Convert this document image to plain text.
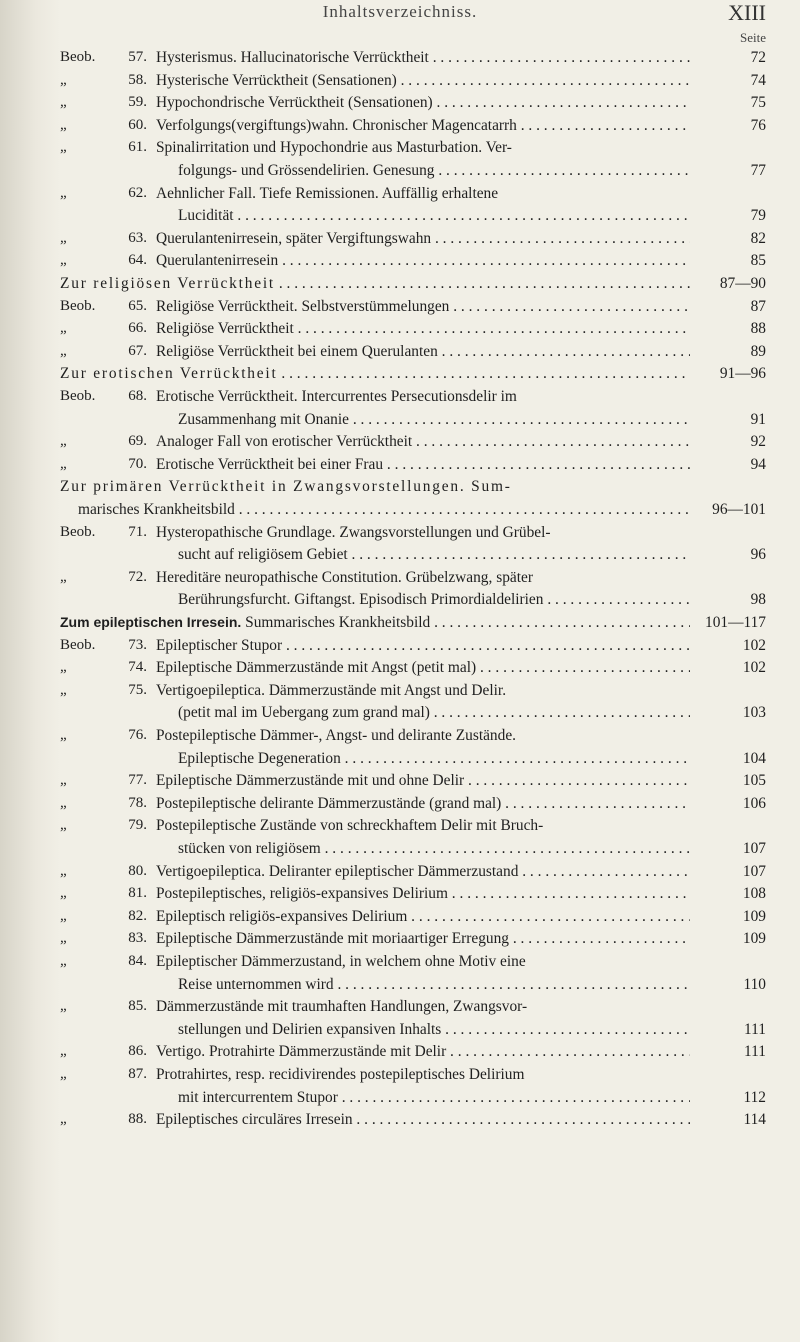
Inhaltsverzeichniss.	XIII
Seite
Beob.	57. Hysterismus. Hallucinatorische Verrücktheit . . .	72
„	58. Hysterische Verrücktheit (Sensationen) . . .	74
„	59. Hypochondrische Verrücktheit (Sensationen) . . .	75
„	60. Verfolgungs(vergiftungs)wahn. Chronischer Magencatarrh . . . .	76
„	61. Spinalirritation und Hypochondrie aus Masturbation. Ver-
folgungs- und Grössendelirien. Genesung . . .	77
„	62. Aehnlicher Fall. Tiefe Remissionen. Auffällig erhaltene
Lucidität . . .	79
„	63. Querulantenirresein, später Vergiftungswahn . . .	82
„	64. Querulantenirresein . . .	85
Zur religiösen Verrücktheit . . .	87—90
Beob.	65. Religiöse Verrücktheit. Selbstverstümmelungen . . .	87
„	66. Religiöse Verrücktheit . . .	88
„	67. Religiöse Verrücktheit bei einem Querulanten . . .	89
Zur erotischen Verrücktheit . . .	91—96
Beob.	68. Erotische Verrücktheit. Intercurrentes Persecutionsdelir im
Zusammenhang mit Onanie . . .	91
„	69. Analoger Fall von erotischer Verrücktheit . . .	92
„	70. Erotische Verrücktheit bei einer Frau . . .	94
Zur primären Verrücktheit in Zwangsvorstellungen. Sum-
marisches Krankheitsbild . . .	96—101
Beob.	71. Hysteropathische Grundlage. Zwangsvorstellungen und Grübel-
sucht auf religiösem Gebiet . . .	96
„	72. Hereditäre neuropathische Constitution. Grübelzwang, später
Berührungsfurcht. Giftangst. Episodisch Primordialdelirien . . .	98
Zum epileptischen Irresein. Summarisches Krankheitsbild . . .	101—117
Beob.	73. Epileptischer Stupor . . .	102
„	74. Epileptische Dämmerzustände mit Angst (petit mal) . . .	102
„	75. Vertigoepileptica. Dämmerzustände mit Angst und Delir.
(petit mal im Uebergang zum grand mal) . . .	103
„	76. Postepileptische Dämmer-, Angst- und delirante Zustände.
Epileptische Degeneration . . .	104
„	77. Epileptische Dämmerzustände mit und ohne Delir . . .	105
„	78. Postepileptische delirante Dämmerzustände (grand mal) . . .	106
„	79. Postepileptische Zustände von schreckhaftem Delir mit Bruch-
stücken von religiösem . . .	107
„	80. Vertigoepileptica. Deliranter epileptischer Dämmerzustand . . .	107
„	81. Postepileptisches, religiös-expansives Delirium . . .	108
„	82. Epileptisch religiös-expansives Delirium . . .	109
„	83. Epileptische Dämmerzustände mit moriaartiger Erregung . . . .	109
„	84. Epileptischer Dämmerzustand, in welchem ohne Motiv eine
Reise unternommen wird . . .	110
„	85. Dämmerzustände mit traumhaften Handlungen, Zwangsvor-
stellungen und Delirien expansiven Inhalts . . .	111
„	86. Vertigo. Protrahirte Dämmerzustände mit Delir . . .	111
„	87. Protrahirtes, resp. recidivirendes postepileptisches Delirium
mit intercurrentem Stupor . . .	112
„	88. Epileptisches circuläres Irresein . . .	114
